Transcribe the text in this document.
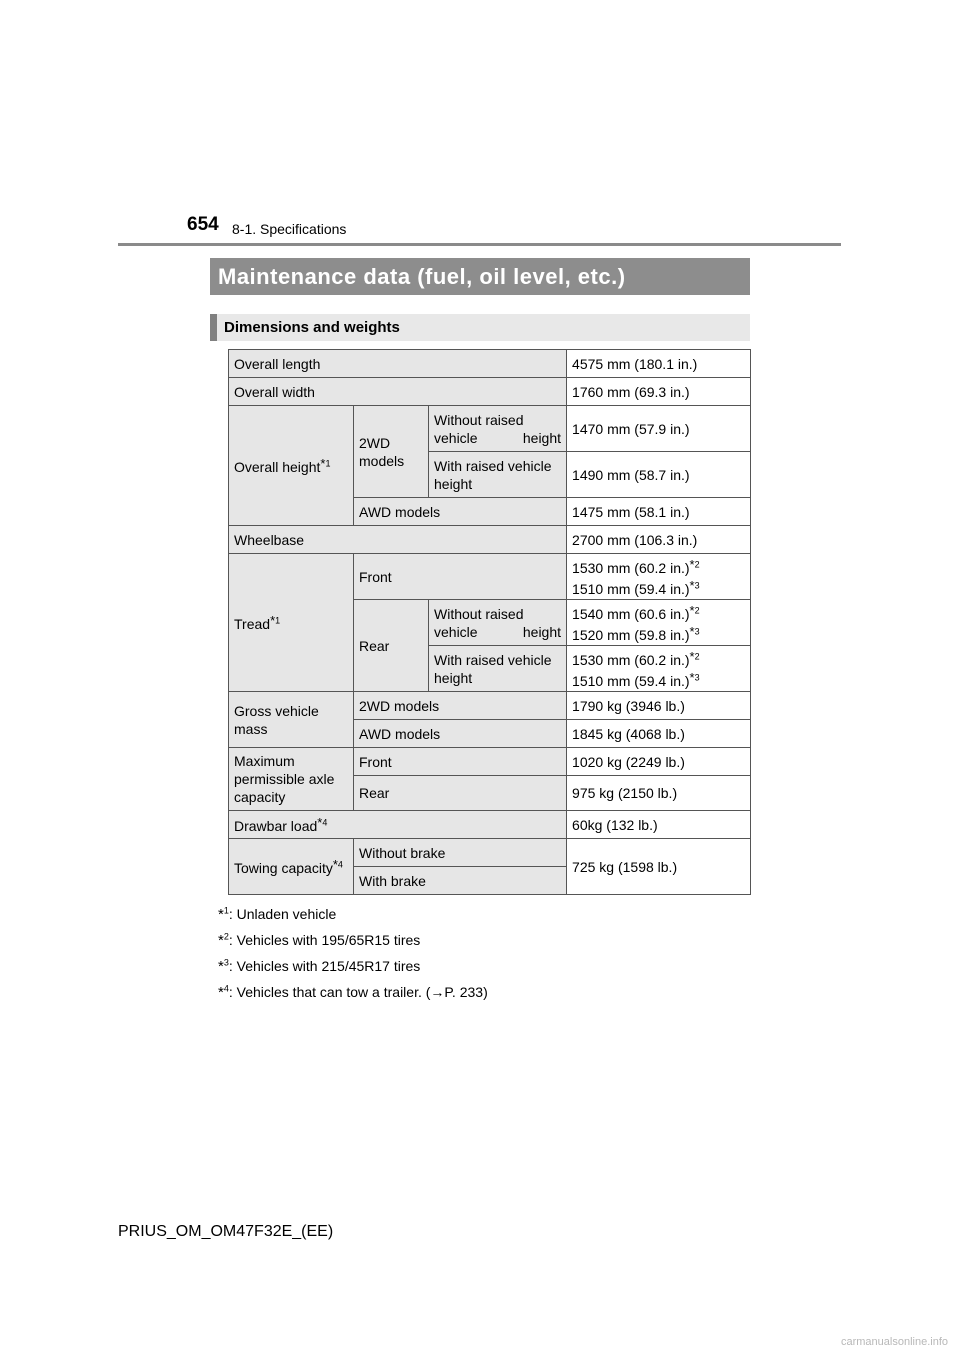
654 8-1. Specifications
Maintenance data (fuel, oil level, etc.)
Dimensions and weights
Overall length			4575 mm (180.1 in.)
Overall width			1760 mm (69.3 in.)
Overall height*$^1$	2WD models	Without raised vehicle height	1470 mm (57.9 in.)
		With raised vehicle height	1490 mm (58.7 in.)
	AWD models		1475 mm (58.1 in.)
Wheelbase			2700 mm (106.3 in.)
Tread*$^1$	Front		1530 mm (60.2 in.)*$^2$
1510 mm (59.4 in.)*$^3$
	Rear	Without raised vehicle height	1540 mm (60.6 in.)*$^2$
1520 mm (59.8 in.)*$^3$
		With raised vehicle height	1530 mm (60.2 in.)*$^2$
1510 mm (59.4 in.)*$^3$
Gross vehicle mass	2WD models		1790 kg (3946 lb.)
	AWD models		1845 kg (4068 lb.)
Maximum permissible axle capacity	Front		1020 kg (2249 lb.)
	Rear		975 kg (2150 lb.)
Drawbar load*$^4$			60kg (132 lb.)
Towing capacity*$^4$	Without brake		725 kg (1598 lb.)
	With brake		
*$^1$: Unladen vehicle
*$^2$: Vehicles with 195/65R15 tires
*$^3$: Vehicles with 215/45R17 tires
*$^4$: Vehicles that can tow a trailer. (→P. 233)
PRIUS_OM_OM47F32E_(EE)
carmanualsonline.info
